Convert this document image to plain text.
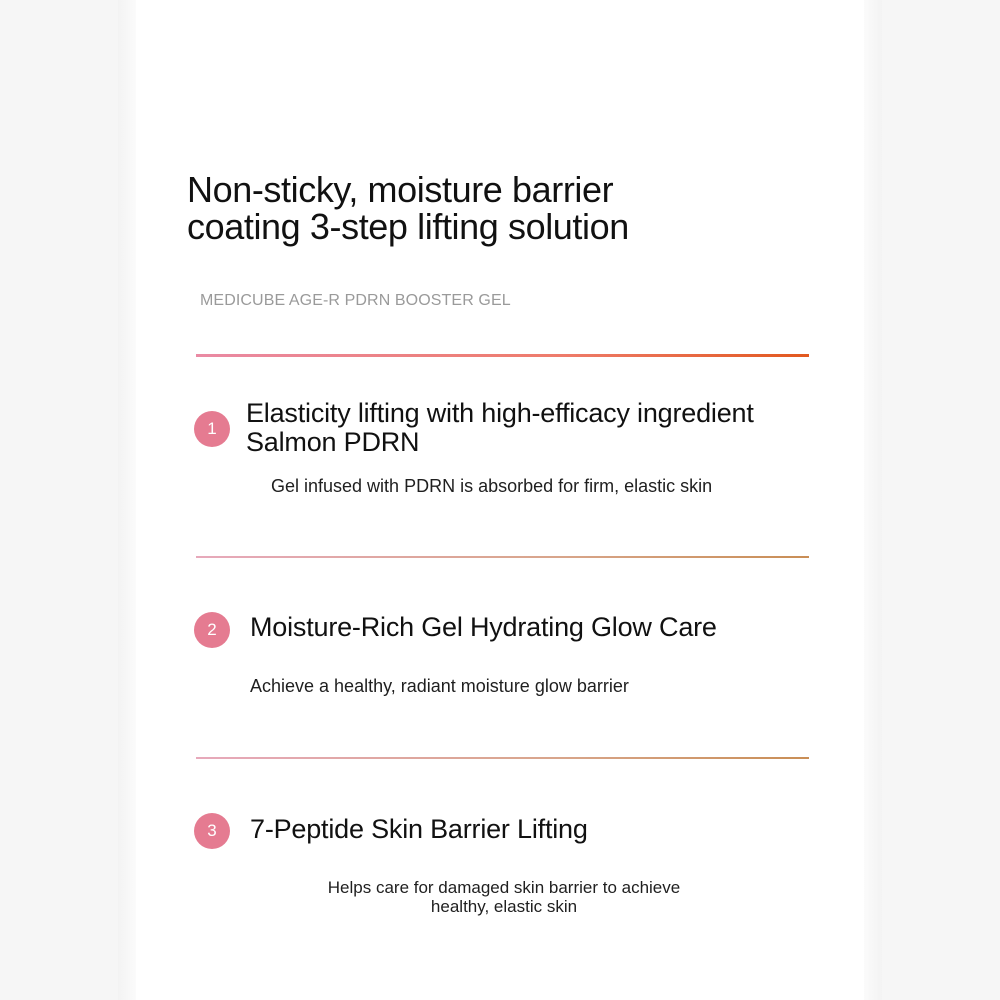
Non-sticky, moisture barrier
coating 3-step lifting solution

MEDICUBE AGE-R PDRN BOOSTER GEL

1
Elasticity lifting with high-efficacy ingredient
Salmon PDRN

Gel infused with PDRN is absorbed for firm, elastic skin

2	Moisture-Rich Gel Hydrating Glow Care

Achieve a healthy, radiant moisture glow barrier

3	7-Peptide Skin Barrier Lifting

Helps care for damaged skin barrier to achieve
healthy, elastic skin
